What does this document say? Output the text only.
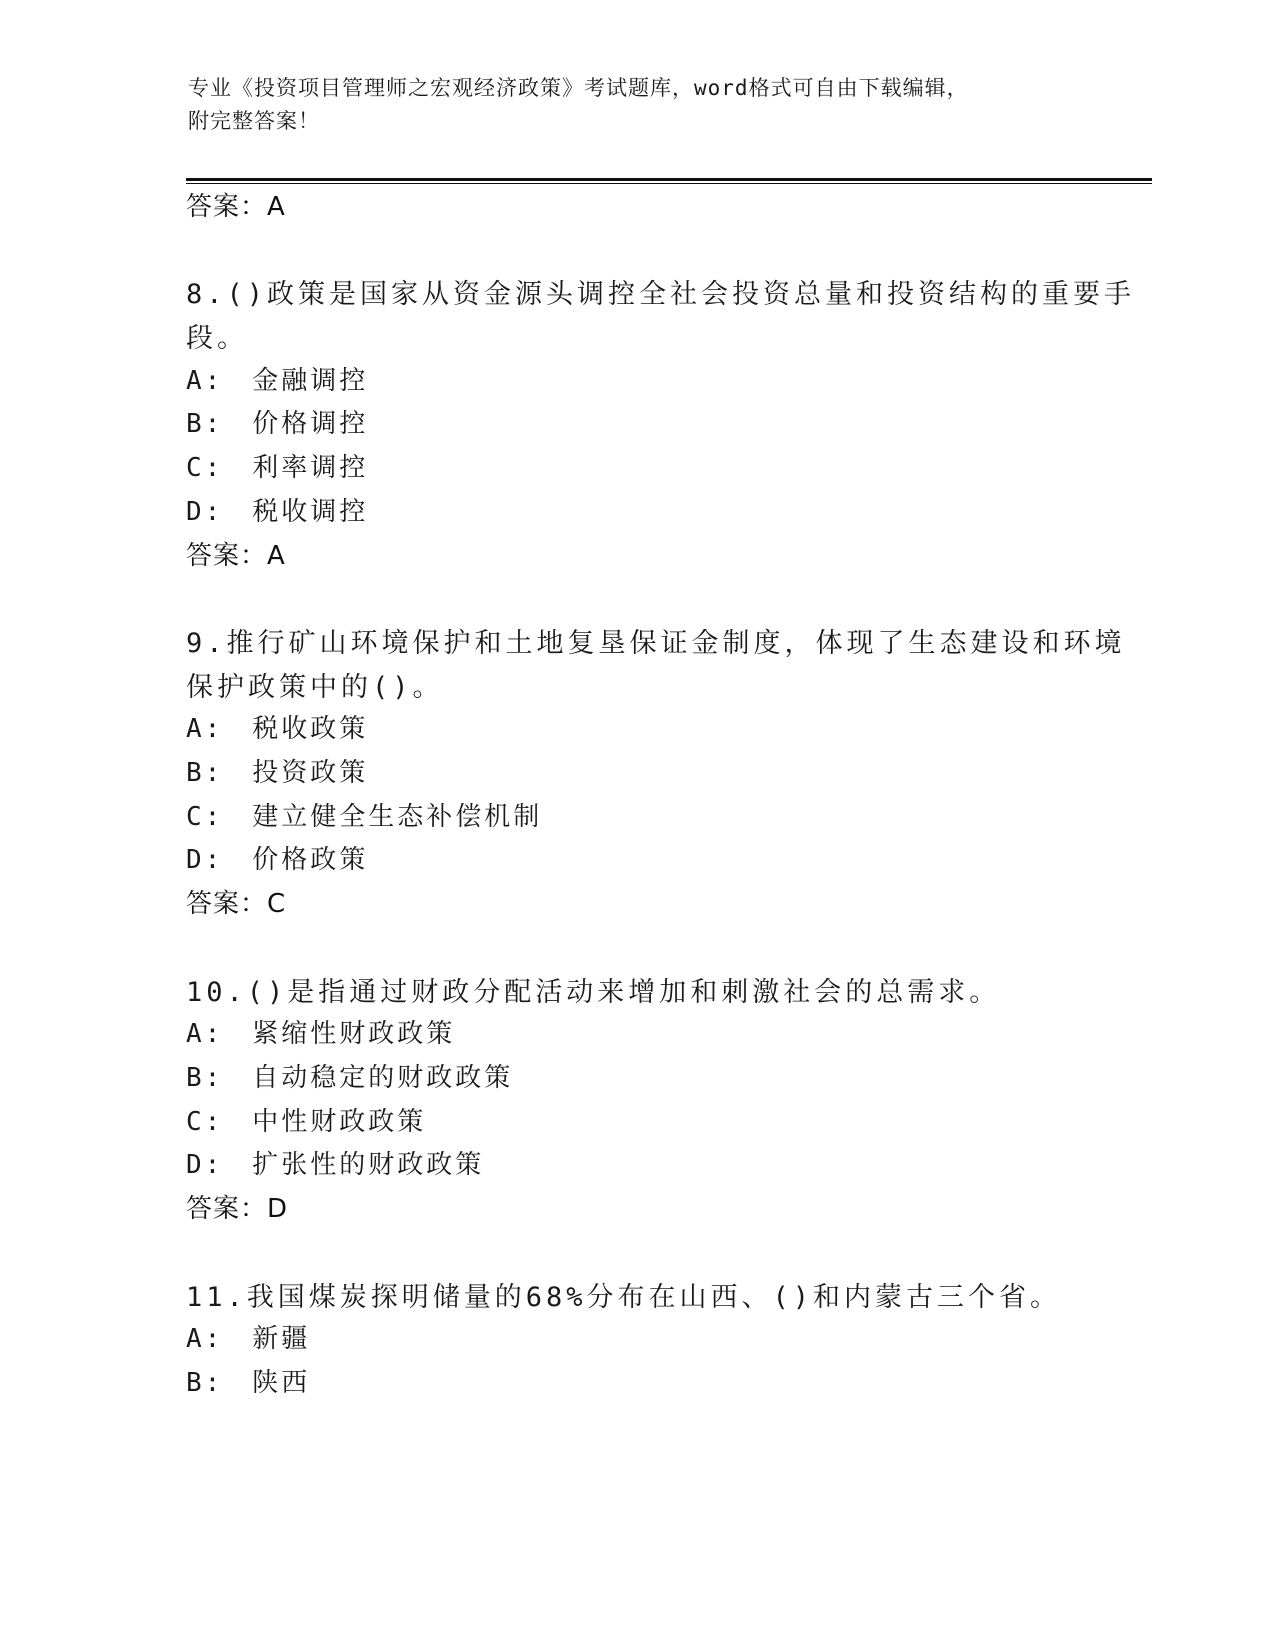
专业《投资项目管理师之宏观经济政策》考试题库，word格式可自由下载编辑，
附完整答案！
答案：A
8.()政策是国家从资金源头调控全社会投资总量和投资结构的重要手
段。
A:　金融调控
B:　价格调控
C:　利率调控
D:　税收调控
答案：A
9.推行矿山环境保护和土地复垦保证金制度，体现了生态建设和环境
保护政策中的()。
A:　税收政策
B:　投资政策
C:　建立健全生态补偿机制
D:　价格政策
答案：C
10.()是指通过财政分配活动来增加和刺激社会的总需求。
A:　紧缩性财政政策
B:　自动稳定的财政政策
C:　中性财政政策
D:　扩张性的财政政策
答案：D
11.我国煤炭探明储量的68%分布在山西、()和内蒙古三个省。
A:　新疆
B:　陕西
